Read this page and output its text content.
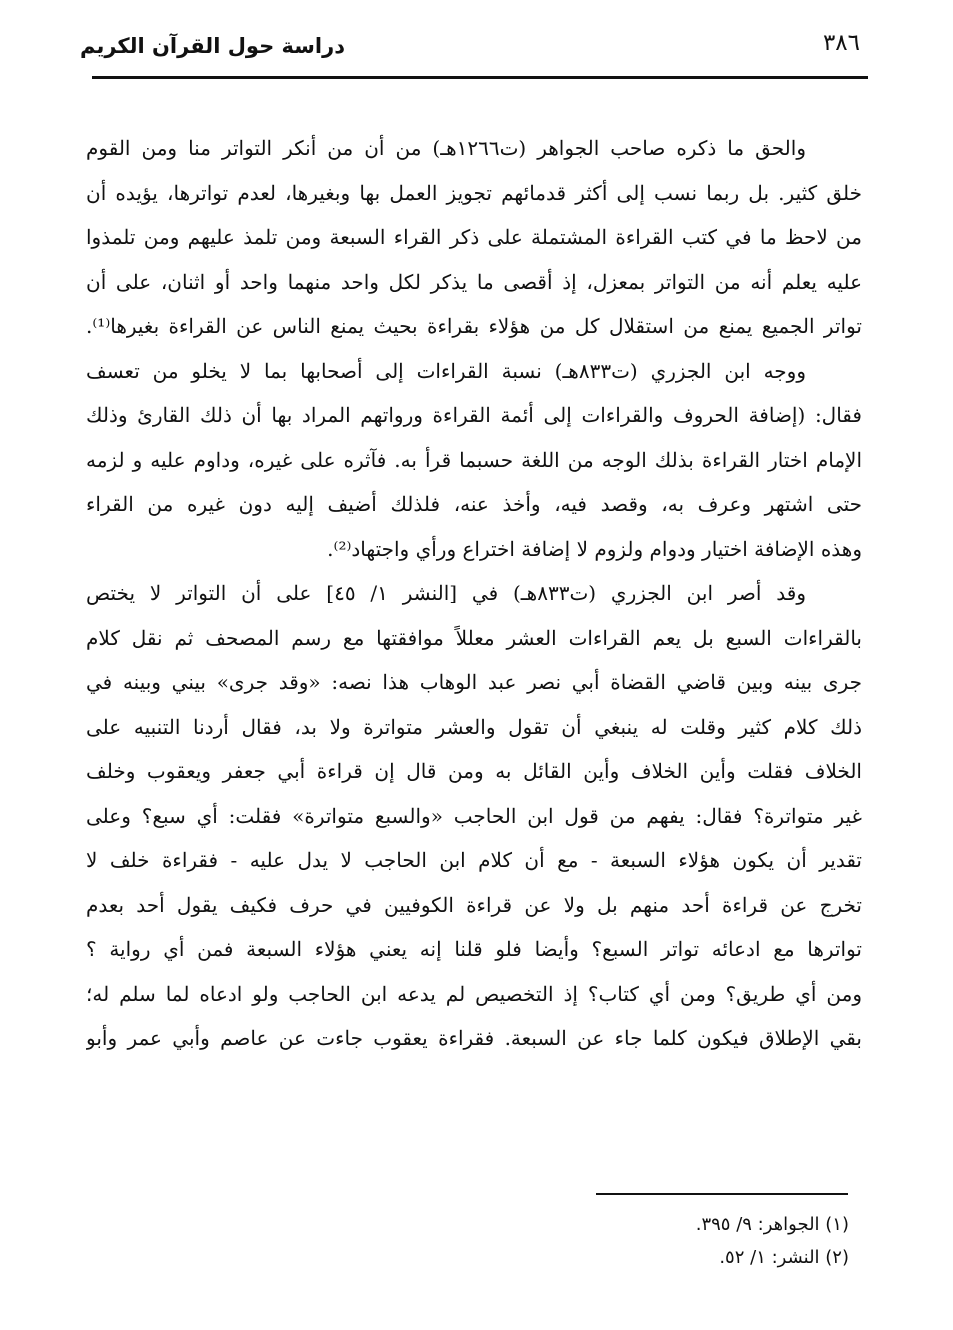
٣٨٦
دراسة حول القرآن الكريم
والحق ما ذكره صاحب الجواهر (ت١٢٦٦هـ) من أن من أنكر التواتر منا ومن القوم
خلق كثير. بل ربما نسب إلى أكثر قدمائهم تجويز العمل بها وبغيرها، لعدم تواترها، يؤيده أن
من لاحظ ما في كتب القراءة المشتملة على ذكر القراء السبعة ومن تلمذ عليهم ومن تلمذوا
عليه يعلم أنه من التواتر بمعزل، إذ أقصى ما يذكر لكل واحد منهما واحد أو اثنان، على أن
تواتر الجميع يمنع من استقلال كل من هؤلاء بقراءة بحيث يمنع الناس عن القراءة بغيرها⁽¹⁾.
ووجه ابن الجزري (ت٨٣٣هـ) نسبة القراءات إلى أصحابها بما لا يخلو من تعسف
فقال: (إضافة الحروف والقراءات إلى أئمة القراءة ورواتهم المراد بها أن ذلك القارئ وذلك
الإمام اختار القراءة بذلك الوجه من اللغة حسبما قرأ به. فآثره على غيره، وداوم عليه و لزمه
حتى اشتهر وعرف به، وقصد فيه، وأخذ عنه، فلذلك أضيف إليه دون غيره من القراء
وهذه الإضافة اختيار ودوام ولزوم لا إضافة اختراع ورأي واجتهاد⁽²⁾.
وقد أصر ابن الجزري (ت٨٣٣هـ) في [النشر ١/ ٤٥] على أن التواتر لا يختص
بالقراءات السبع بل يعم القراءات العشر معللاً موافقتها مع رسم المصحف ثم نقل كلام
جرى بينه وبين قاضي القضاة أبي نصر عبد الوهاب هذا نصه: «وقد جرى» بيني وبينه في
ذلك كلام كثير وقلت له ينبغي أن تقول والعشر متواترة ولا بد، فقال أردنا التنبيه على
الخلاف فقلت وأين الخلاف وأين القائل به ومن قال إن قراءة أبي جعفر ويعقوب وخلف
غير متواترة؟ فقال: يفهم من قول ابن الحاجب «والسبع متواترة» فقلت: أي سبع؟ وعلى
تقدير أن يكون هؤلاء السبعة - مع أن كلام ابن الحاجب لا يدل عليه - فقراءة خلف لا
تخرج عن قراءة أحد منهم بل ولا عن قراءة الكوفيين في حرف فكيف يقول أحد بعدم
تواترها مع ادعائه تواتر السبع؟ وأيضا فلو قلنا إنه يعني هؤلاء السبعة فمن أي رواية ؟
ومن أي طريق؟ ومن أي كتاب؟ إذ التخصيص لم يدعه ابن الحاجب ولو ادعاه لما سلم له؛
بقي الإطلاق فيكون كلما جاء عن السبعة. فقراءة يعقوب جاءت عن عاصم وأبي عمر وأبو
(١) الجواهر: ٩/ ٣٩٥.
(٢) النشر: ١/ ٥٢.
